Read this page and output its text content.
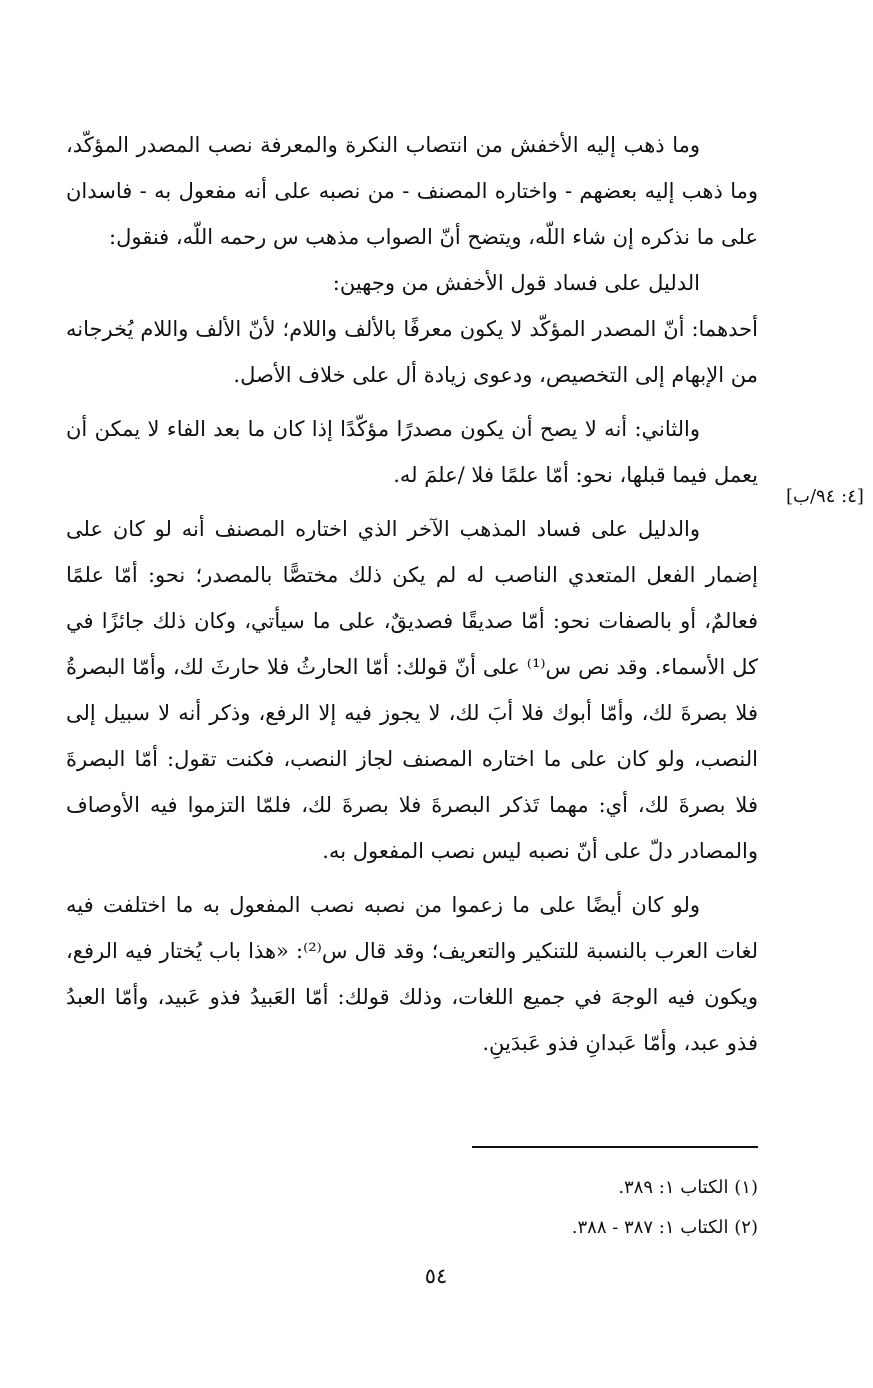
وما ذهب إليه الأخفش من انتصاب النكرة والمعرفة نصب المصدر المؤكّد، وما ذهب إليه بعضهم - واختاره المصنف - من نصبه على أنه مفعول به - فاسدان على ما نذكره إن شاء اللّه، ويتضح أنّ الصواب مذهب س رحمه اللّه، فنقول:

الدليل على فساد قول الأخفش من وجهين:

أحدهما: أنّ المصدر المؤكّد لا يكون معرفًا بالألف واللام؛ لأنّ الألف واللام يُخرجانه من الإبهام إلى التخصيص، ودعوى زيادة أل على خلاف الأصل.

والثاني: أنه لا يصح أن يكون مصدرًا مؤكّدًا إذا كان ما بعد الفاء لا يمكن أن يعمل فيما قبلها، نحو: أمّا علمًا فلا /علمَ له.

والدليل على فساد المذهب الآخر الذي اختاره المصنف أنه لو كان على إضمار الفعل المتعدي الناصب له لم يكن ذلك مختصًّا بالمصدر؛ نحو: أمّا علمًا فعالمٌ، أو بالصفات نحو: أمّا صديقًا فصديقٌ، على ما سيأتي، وكان ذلك جائزًا في كل الأسماء. وقد نص س⁽¹⁾ على أنّ قولك: أمّا الحارثُ فلا حارثَ لك، وأمّا البصرةُ فلا بصرةَ لك، وأمّا أبوك فلا أبَ لك، لا يجوز فيه إلا الرفع، وذكر أنه لا سبيل إلى النصب، ولو كان على ما اختاره المصنف لجاز النصب، فكنت تقول: أمّا البصرةَ فلا بصرةَ لك، أي: مهما تَذكر البصرةَ فلا بصرةَ لك، فلمّا التزموا فيه الأوصاف والمصادر دلّ على أنّ نصبه ليس نصب المفعول به.

ولو كان أيضًا على ما زعموا من نصبه نصب المفعول به ما اختلفت فيه لغات العرب بالنسبة للتنكير والتعريف؛ وقد قال س⁽²⁾: «هذا باب يُختار فيه الرفع، ويكون فيه الوجهَ في جميع اللغات، وذلك قولك: أمّا العَبيدُ فذو عَبيد، وأمّا العبدُ فذو عبد، وأمّا عَبدانِ فذو عَبدَينِ.

[٤: ٩٤/ب]

(١) الكتاب ١: ٣٨٩.

(٢) الكتاب ١: ٣٨٧ - ٣٨٨.

٥٤
